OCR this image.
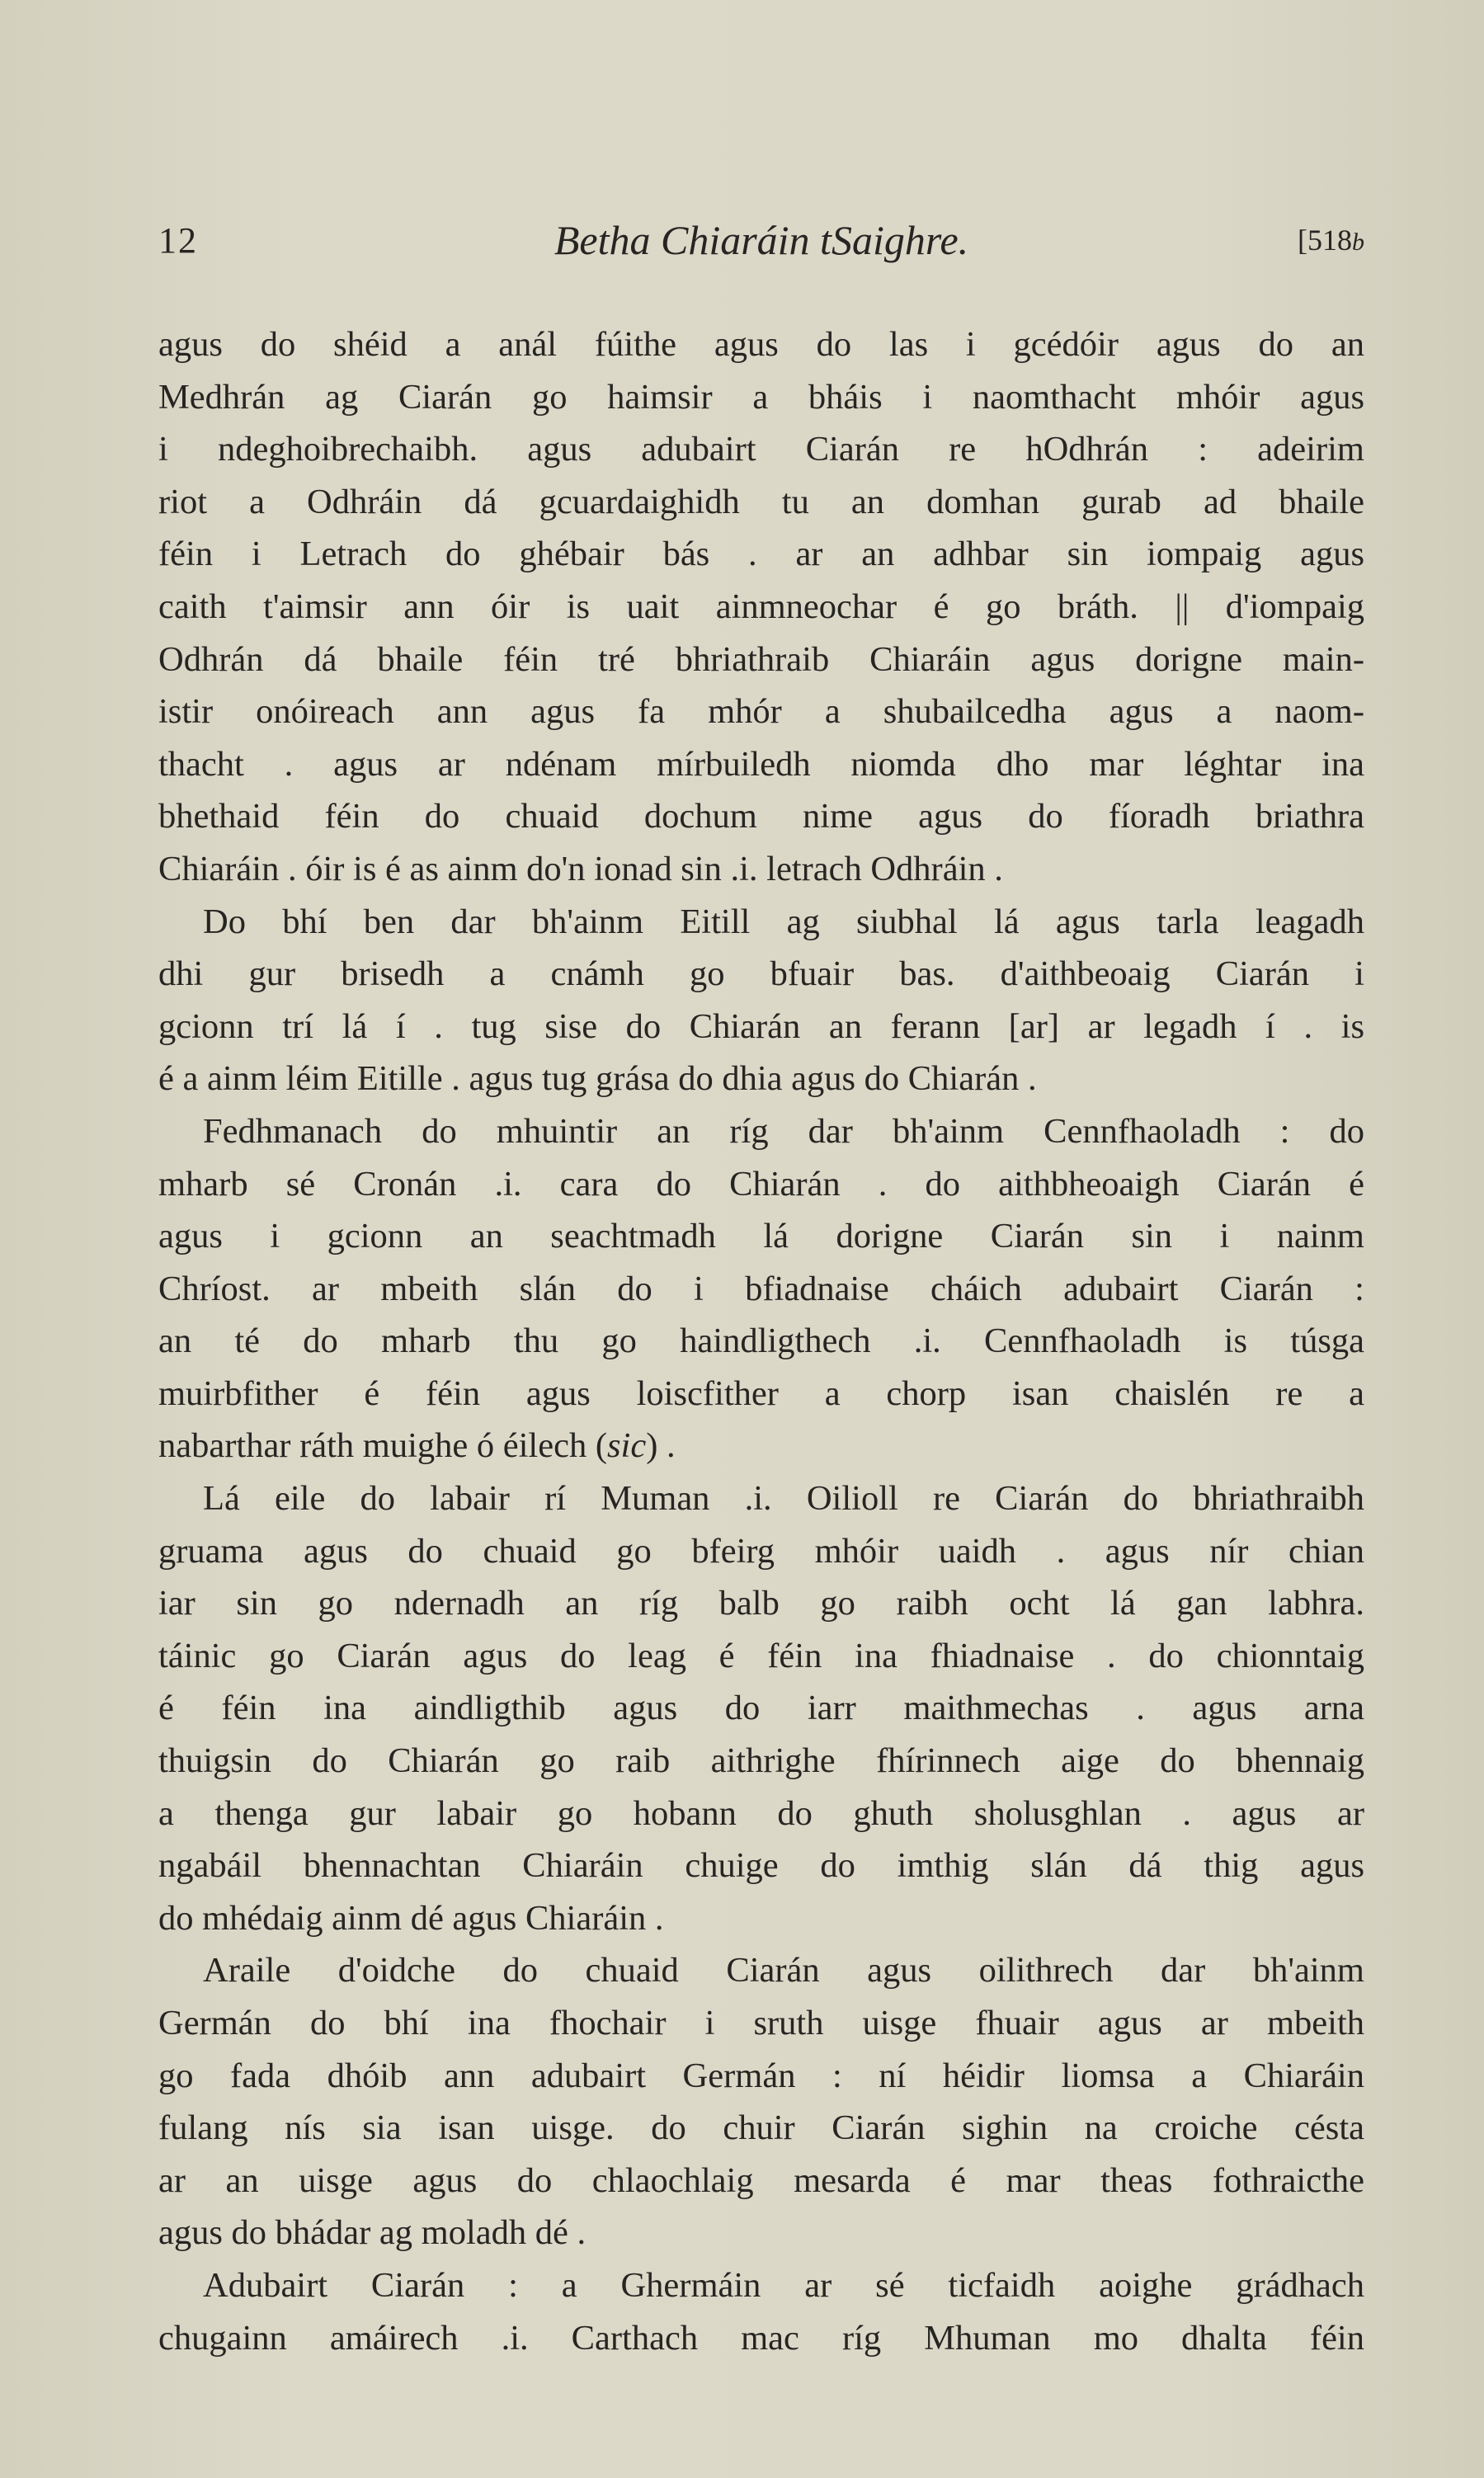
12	Betha Chiaráin tSaighre.	[518b
agus do shéid a anál fúithe agus do las i gcédóir agus do an
Medhrán ag Ciarán go haimsir a bháis i naomthacht mhóir agus
i ndeghoibrechaibh. agus adubairt Ciarán re hOdhrán : adeirim
riot a Odhráin dá gcuardaighidh tu an domhan gurab ad bhaile
féin i Letrach do ghébair bás . ar an adhbar sin iompaig agus
caith t'aimsir ann óir is uait ainmneochar é go bráth. || d'iompaig
Odhrán dá bhaile féin tré bhriathraib Chiaráin agus dorigne main-
istir onóireach ann agus fa mhór a shubailcedha agus a naom-
thacht . agus ar ndénam mírbuiledh niomda dho mar léghtar ina
bhethaid féin do chuaid dochum nime agus do fíoradh briathra
Chiaráin . óir is é as ainm do'n ionad sin .i. letrach Odhráin .
Do bhí ben dar bh'ainm Eitill ag siubhal lá agus tarla leagadh
dhi gur brisedh a cnámh go bfuair bas. d'aithbeoaig Ciarán i
gcionn trí lá í . tug sise do Chiarán an ferann [ar] ar legadh í . is
é a ainm léim Eitille . agus tug grása do dhia agus do Chiarán .
Fedhmanach do mhuintir an ríg dar bh'ainm Cennfhaoladh : do
mharb sé Cronán .i. cara do Chiarán . do aithbheoaigh Ciarán é
agus i gcionn an seachtmadh lá dorigne Ciarán sin i nainm
Chríost. ar mbeith slán do i bfiadnaise cháich adubairt Ciarán :
an té do mharb thu go haindligthech .i. Cennfhaoladh is túsga
muirbfither é féin agus loiscfither a chorp isan chaislén re a
nabarthar ráth muighe ó éilech (sic) .
Lá eile do labair rí Muman .i. Oilioll re Ciarán do bhriathraibh
gruama agus do chuaid go bfeirg mhóir uaidh . agus nír chian
iar sin go ndernadh an ríg balb go raibh ocht lá gan labhra.
táinic go Ciarán agus do leag é féin ina fhiadnaise . do chionntaig
é féin ina aindligthib agus do iarr maithmechas . agus arna
thuigsin do Chiarán go raib aithrighe fhírinnech aige do bhennaig
a thenga gur labair go hobann do ghuth sholusghlan . agus ar
ngabáil bhennachtan Chiaráin chuige do imthig slán dá thig agus
do mhédaig ainm dé agus Chiaráin .
Araile d'oidche do chuaid Ciarán agus oilithrech dar bh'ainm
Germán do bhí ina fhochair i sruth uisge fhuair agus ar mbeith
go fada dhóib ann adubairt Germán : ní héidir liomsa a Chiaráin
fulang nís sia isan uisge. do chuir Ciarán sighin na croiche césta
ar an uisge agus do chlaochlaig mesarda é mar theas fothraicthe
agus do bhádar ag moladh dé .
Adubairt Ciarán : a Ghermáin ar sé ticfaidh aoighe grádhach
chugainn amáirech .i. Carthach mac ríg Mhuman mo dhalta féin
